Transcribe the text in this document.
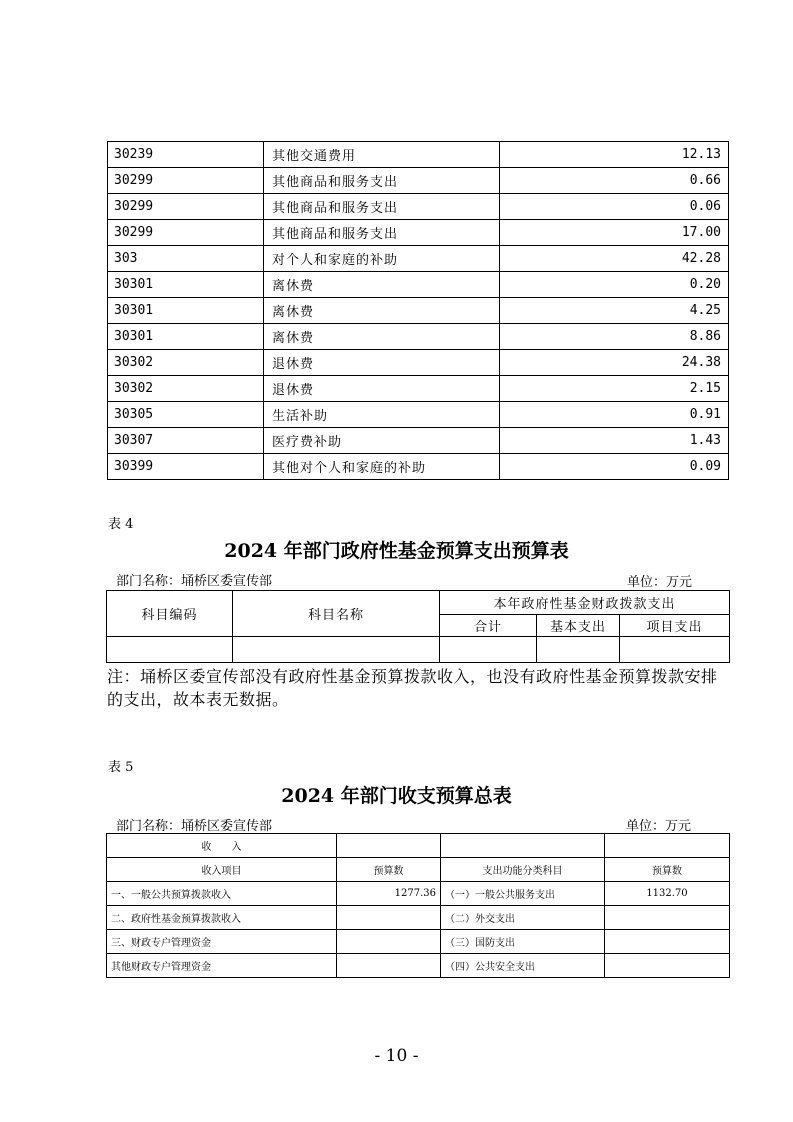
30239	其他交通费用	12.13
30299	其他商品和服务支出	0.66
30299	其他商品和服务支出	0.06
30299	其他商品和服务支出	17.00
303	对个人和家庭的补助	42.28
30301	离休费	0.20
30301	离休费	4.25
30301	离休费	8.86
30302	退休费	24.38
30302	退休费	2.15
30305	生活补助	0.91
30307	医疗费补助	1.43
30399	其他对个人和家庭的补助	0.09
表 4
2024 年部门政府性基金预算支出预算表
部门名称：埇桥区委宣传部	单位：万元
科目编码	科目名称	本年政府性基金财政拨款支出		
		合计	基本支出	项目支出

注：埇桥区委宣传部没有政府性基金预算拨款收入，也没有政府性基金预算拨款安排的支出，故本表无数据。
表 5
2024 年部门收支预算总表
部门名称：埇桥区委宣传部	单位：万元
收　　入			
收入项目	预算数	支出功能分类科目	预算数
一、一般公共预算拨款收入	1277.36	（一）一般公共服务支出	1132.70
二、政府性基金预算拨款收入		（二）外交支出	
三、财政专户管理资金		（三）国防支出	
其他财政专户管理资金		（四）公共安全支出	
- 10 -
